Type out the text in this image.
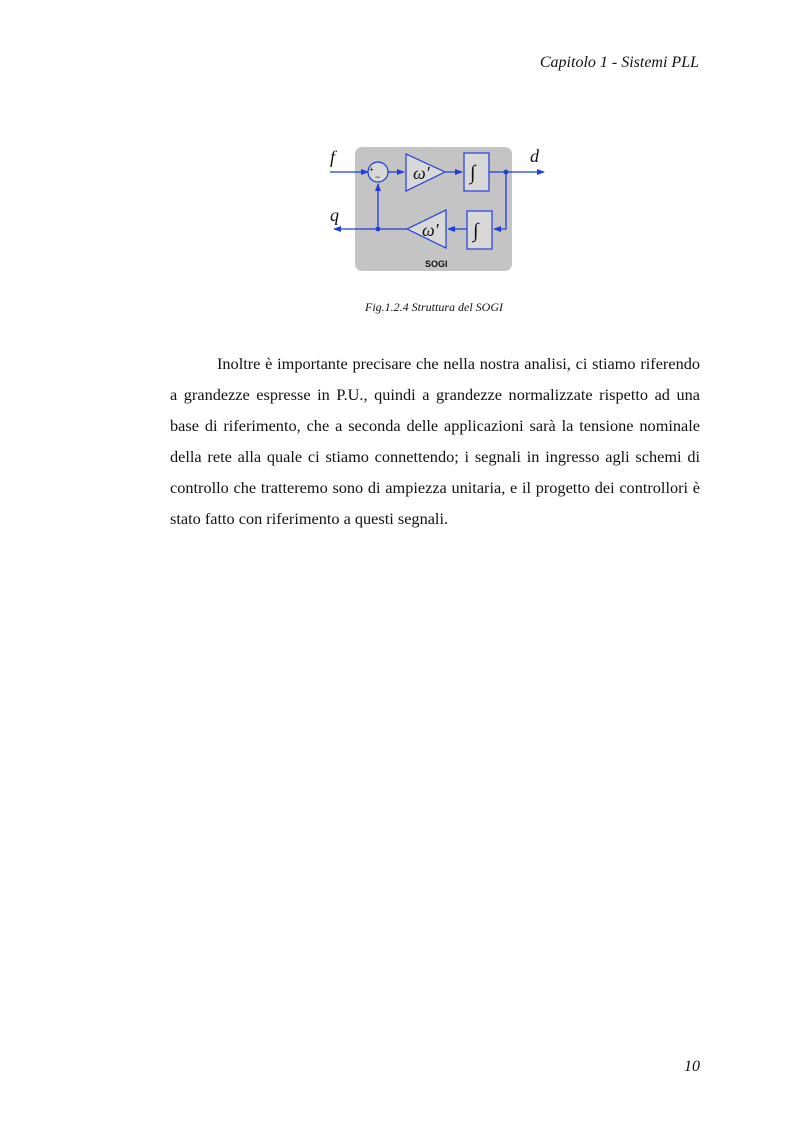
Capitolo 1 - Sistemi PLL
f
+
− ω′ ∫
d
∫
ω′
q
SOGI
Fig.1.2.4 Struttura del SOGI

Inoltre è importante precisare che nella nostra analisi, ci stiamo riferendo a grandezze espresse in P.U., quindi a grandezze normalizzate rispetto ad una base di riferimento, che a seconda delle applicazioni sarà la tensione nominale della rete alla quale ci stiamo connettendo; i segnali in ingresso agli schemi di controllo che tratteremo sono di ampiezza unitaria, e il progetto dei controllori è stato fatto con riferimento a questi segnali.

10
